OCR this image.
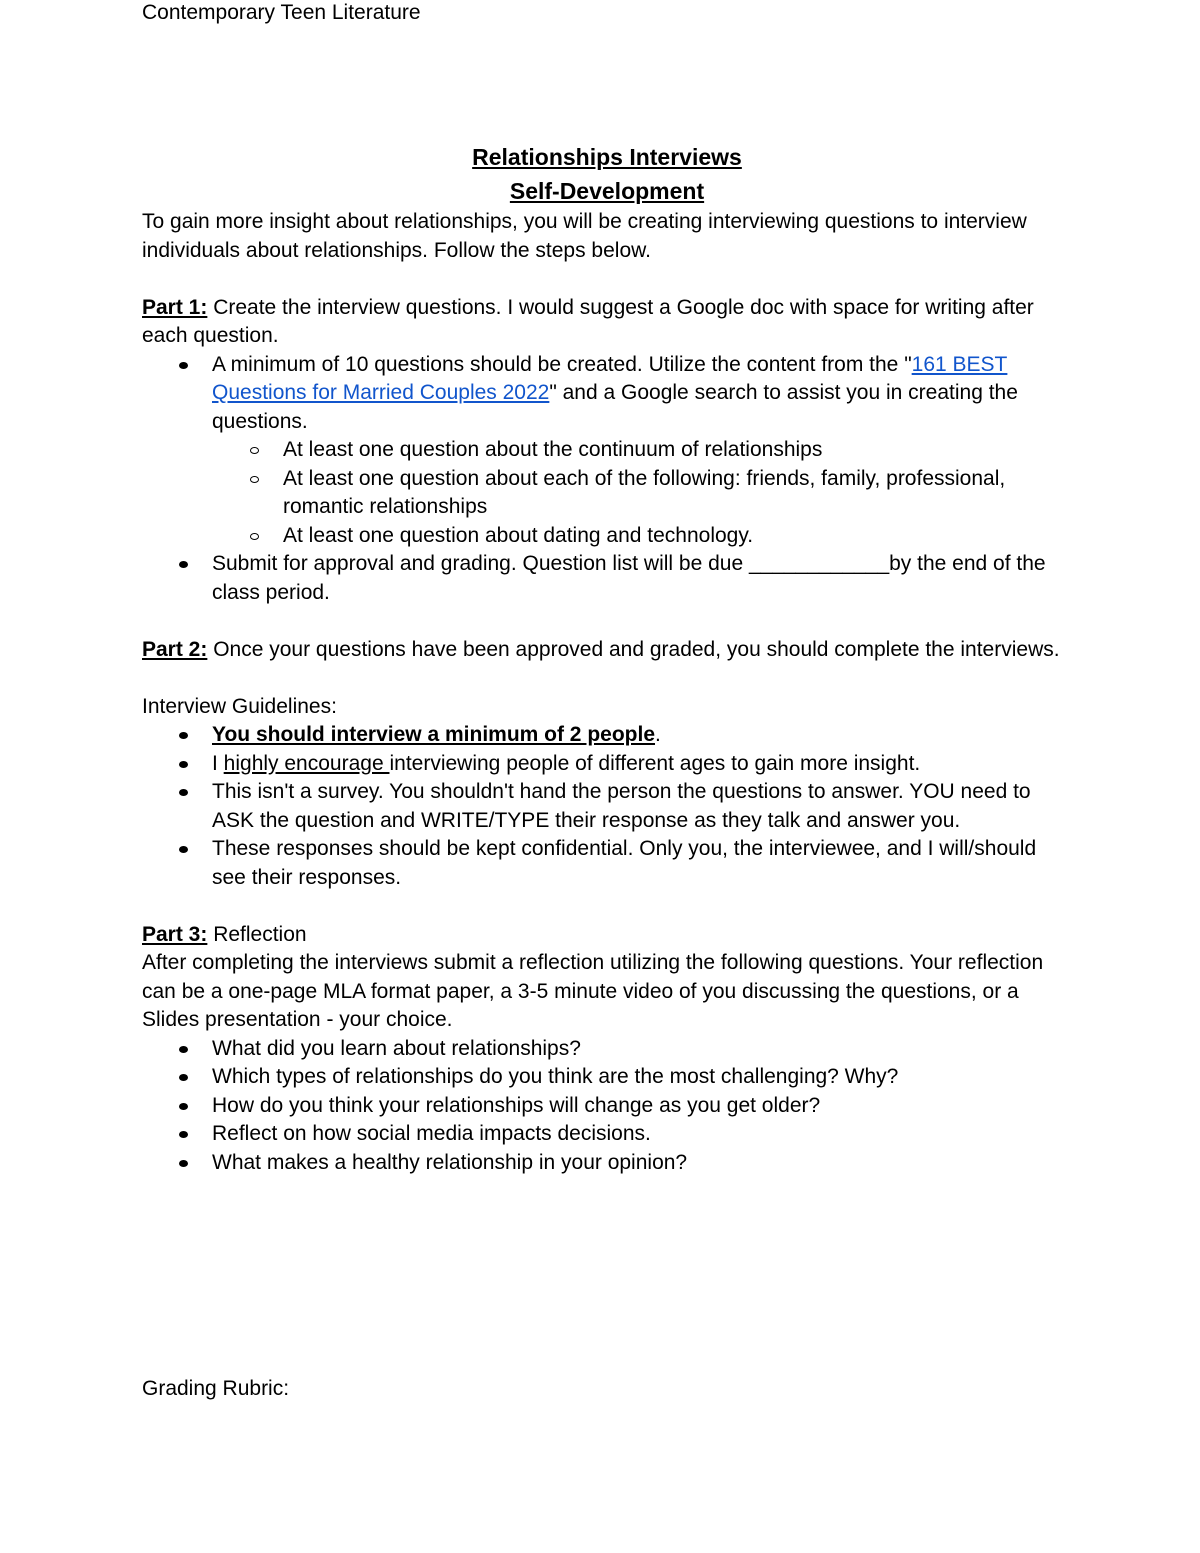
Contemporary Teen Literature
Relationships Interviews
Self-Development

To gain more insight about relationships, you will be creating interviewing questions to interview individuals about relationships. Follow the steps below.

Part 1: Create the interview questions. I would suggest a Google doc with space for writing after each question.

A minimum of 10 questions should be created. Utilize the content from the "161 BEST Questions for Married Couples 2022" and a Google search to assist you in creating the questions.
At least one question about the continuum of relationships
At least one question about each of the following: friends, family, professional, romantic relationships
At least one question about dating and technology.
Submit for approval and grading. Question list will be due ____________by the end of the class period.

Part 2: Once your questions have been approved and graded, you should complete the interviews.

Interview Guidelines:

You should interview a minimum of 2 people.
I highly encourage interviewing people of different ages to gain more insight.
This isn't a survey. You shouldn't hand the person the questions to answer. YOU need to ASK the question and WRITE/TYPE their response as they talk and answer you.
These responses should be kept confidential. Only you, the interviewee, and I will/should see their responses.

Part 3: Reflection

After completing the interviews submit a reflection utilizing the following questions. Your reflection can be a one-page MLA format paper, a 3-5 minute video of you discussing the questions, or a Slides presentation - your choice.

What did you learn about relationships?
Which types of relationships do you think are the most challenging? Why?
How do you think your relationships will change as you get older?
Reflect on how social media impacts decisions.
What makes a healthy relationship in your opinion?
Grading Rubric:
